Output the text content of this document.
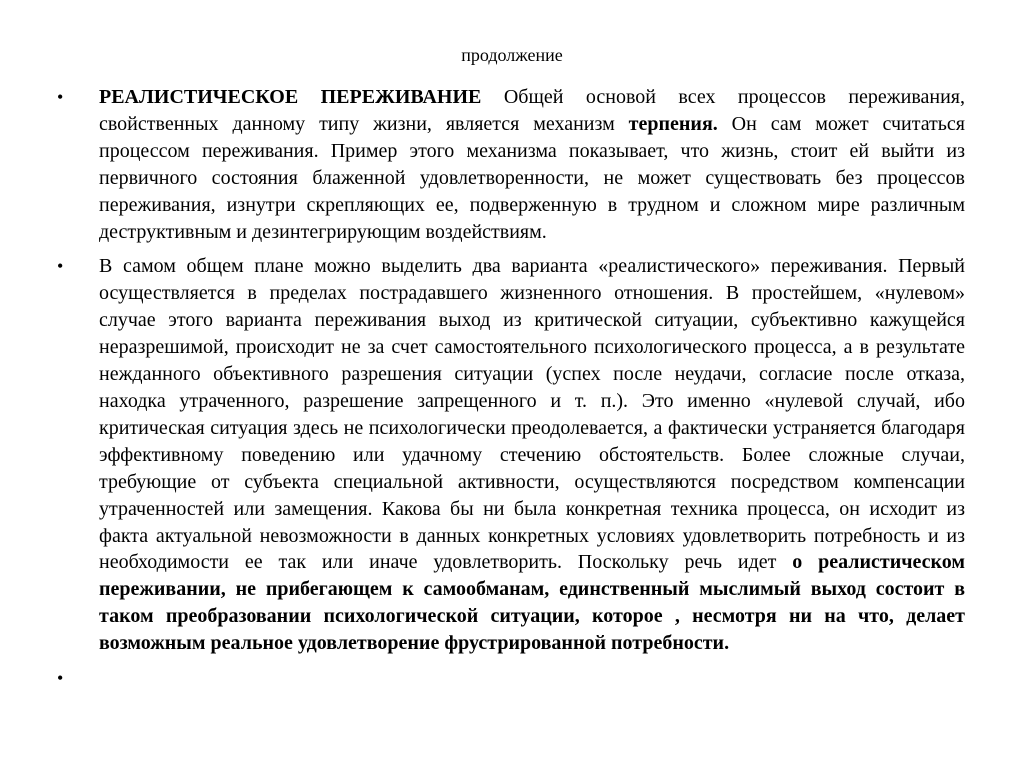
продолжение
•	РЕАЛИСТИЧЕСКОЕ ПЕРЕЖИВАНИЕ Общей основой всех процессов переживания, свойственных данному типу жизни, является механизм терпения. Он сам может считаться процессом переживания. Пример этого механизма показывает, что жизнь, стоит ей выйти из первичного состояния блаженной удовлетворенности, не может существовать без процессов переживания, изнутри скрепляющих ее, подверженную в трудном и сложном мире различным деструктивным и дезинтегрирующим воздействиям.
•	В самом общем плане можно выделить два варианта «реалистического» переживания. Первый осуществляется в пределах пострадавшего жизненного отношения. В простейшем, «нулевом» случае этого варианта переживания выход из критической ситуации, субъективно кажущейся неразрешимой, происходит не за счет самостоятельного психологического процесса, а в результате нежданного объективного разрешения ситуации (успех после неудачи, согласие после отказа, находка утраченного, разрешение запрещенного и т. п.). Это именно «нулевой случай, ибо критическая ситуация здесь не психологически преодолевается, а фактически устраняется благодаря эффективному поведению или удачному стечению обстоятельств. Более сложные случаи, требующие от субъекта специальной активности, осуществляются посредством компенсации утраченностей или замещения. Какова бы ни была конкретная техника процесса, он исходит из факта актуальной невозможности в данных конкретных условиях удовлетворить потребность и из необходимости ее так или иначе удовлетворить. Поскольку речь идет о реалистическом переживании, не прибегающем к самообманам, единственный мыслимый выход состоит в таком преобразовании психологической ситуации, которое , несмотря ни на что, делает возможным реальное удовлетворение фрустрированной потребности.
•
